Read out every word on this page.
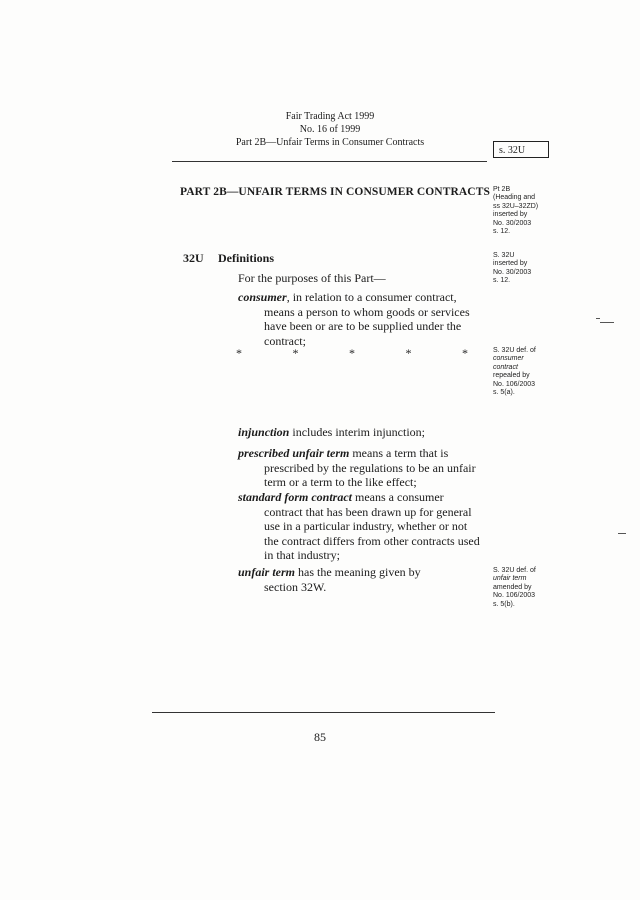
Fair Trading Act 1999
No. 16 of 1999
Part 2B—Unfair Terms in Consumer Contracts
s. 32U
PART 2B—UNFAIR TERMS IN CONSUMER CONTRACTS Pt 2B
(Heading and
ss 32U–32ZD)
inserted by
No. 30/2003
s. 12.
S. 32U
inserted by
No. 30/2003
s. 12.
S. 32U def. of
consumer
contract
repealed by
No. 106/2003
s. 5(a).
S. 32U def. of
unfair term
amended by
No. 106/2003
s. 5(b).
32U Definitions
For the purposes of this Part—
consumer, in relation to a consumer contract,
means a person to whom goods or services
have been or are to be supplied under the
contract;
*	*	*	*	*
injunction includes interim injunction;
prescribed unfair term means a term that is
prescribed by the regulations to be an unfair
term or a term to the like effect;
standard form contract means a consumer
contract that has been drawn up for general
use in a particular industry, whether or not
the contract differs from other contracts used
in that industry;
unfair term has the meaning given by
section 32W.
85
